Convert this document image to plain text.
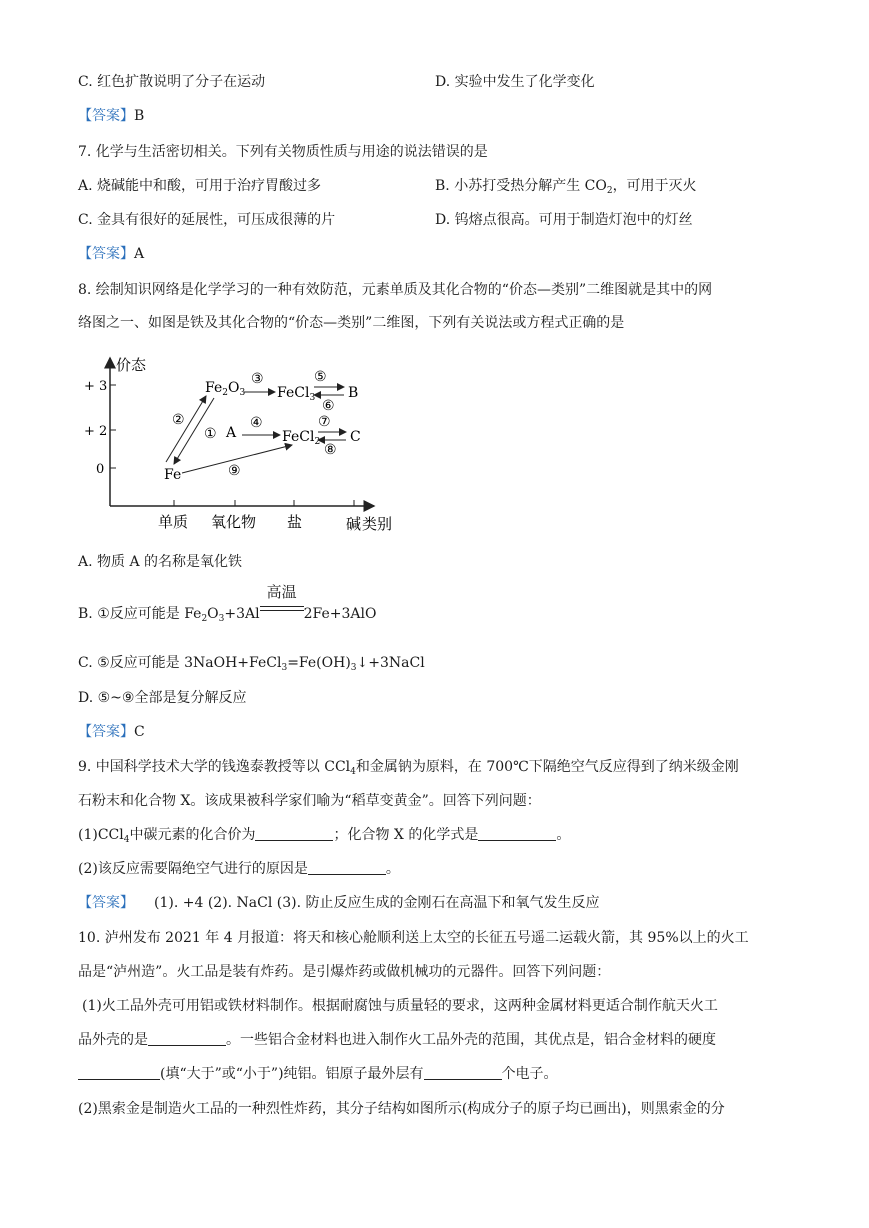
C. 红色扩散说明了分子在运动	D. 实验中发生了化学变化
【答案】B
7. 化学与生活密切相关。下列有关物质性质与用途的说法错误的是
A. 烧碱能中和酸，可用于治疗胃酸过多	B. 小苏打受热分解产生 $CO_2$，可用于灭火
C. 金具有很好的延展性，可压成很薄的片	D. 钨熔点很高。可用于制造灯泡中的灯丝
【答案】A
8. 绘制知识网络是化学学习的一种有效防范，元素单质及其化合物的“价态—类别”二维图就是其中的网
络图之一、如图是铁及其化合物的“价态—类别”二维图，下列有关说法或方程式正确的是
价态
+ 3
+ 2
0
单质 氧化物 盐	碱 类别
$Fe_2O_3$ FeCl$_3$ B
A	FeCl$_2$ C
Fe
②
①
③	⑤
⑥
④	⑦
⑧
⑨
A. 物质 A 的名称是氧化铁
B. ①反应可能是 $Fe_2O_3+3Al$
高温
2Fe+3AlO
C. ⑤反应可能是 $3NaOH+FeCl_3=Fe(OH)_3↓+3NaCl$
D. ⑤~⑨全部是复分解反应
【答案】C
9. 中国科学技术大学的钱逸泰教授等以 CCl$_4$和金属钠为原料，在 700℃下隔绝空气反应得到了纳米级金刚
石粉末和化合物 X。该成果被科学家们喻为“稻草变黄金”。回答下列问题：
(1)CCl$_4$中碳元素的化合价为	；化合物 X 的化学式是	。
(2)该反应需要隔绝空气进行的原因是	。
【答案】 (1). +4 (2). NaCl (3). 防止反应生成的金刚石在高温下和氧气发生反应
10. 泸州发布 2021 年 4 月报道：将天和核心舱顺利送上太空的长征五号遥二运载火箭，其 95%以上的火工
品是“泸州造”。火工品是装有炸药。是引爆炸药或做机械功的元器件。回答下列问题：
(1)火工品外壳可用铝或铁材料制作。根据耐腐蚀与质量轻的要求，这两种金属材料更适合制作航天火工
品外壳的是	。一些铝合金材料也进入制作火工品外壳的范围，其优点是，铝合金材料的硬度
(填“大于”或“小于”)纯铝。铝原子最外层有	个电子。
(2)黑索金是制造火工品的一种烈性炸药，其分子结构如图所示(构成分子的原子均已画出)，则黑索金的分
